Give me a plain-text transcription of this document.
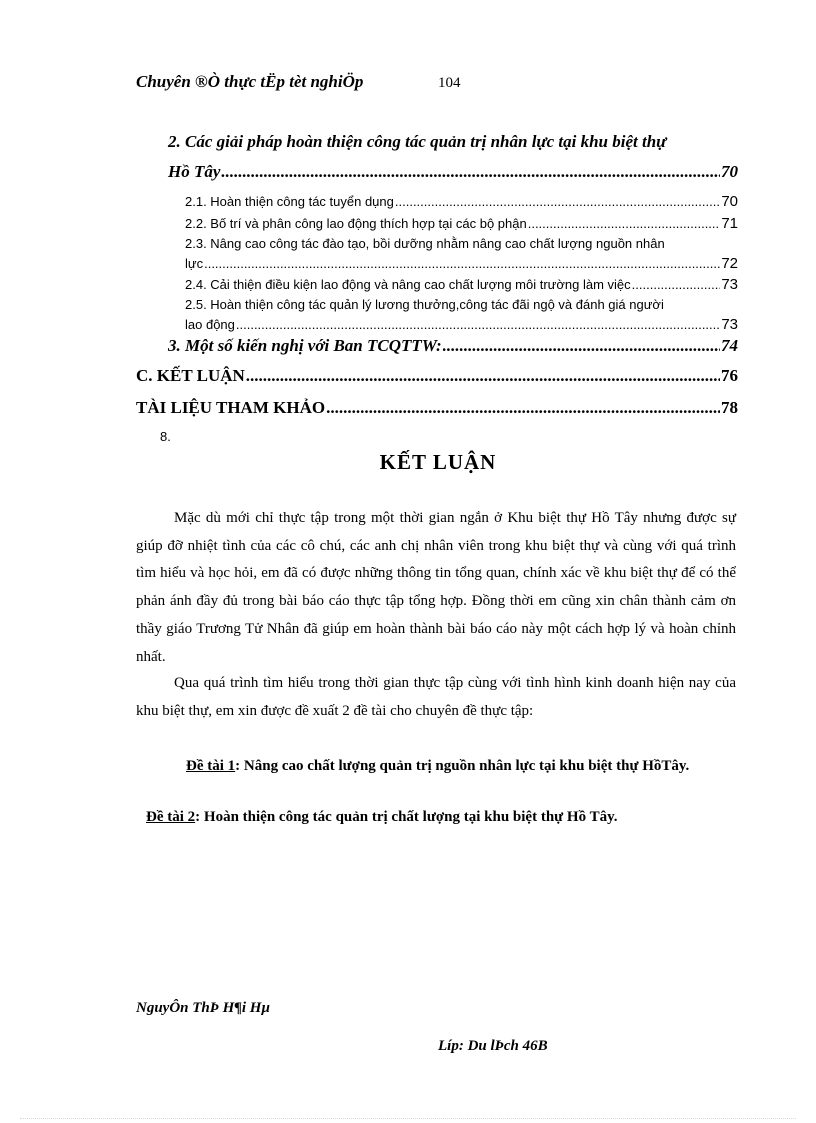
Chuyên ®Ò thực tËp tèt nghiÖp	104
2. Các giải pháp hoàn thiện công tác quản trị nhân lực tại khu biệt thự
Hồ Tây .....	70
2.1. Hoàn thiện công tác tuyển dụng .....	70
2.2. Bố trí và phân công lao động thích hợp tại các bộ phận .....	71
2.3. Nâng cao công tác đào tạo, bồi dưỡng nhằm nâng cao chất lượng nguồn nhân
lực .....	72
2.4. Cải thiện điều kiện lao động và nâng cao chất lượng môi trường làm việc .....	73
2.5. Hoàn thiện công tác quản lý lương thưởng,công tác đãi ngộ và đánh giá người
lao động .....	73
3. Một số kiến nghị với Ban TCQTTW: .....	74
C. KẾT LUẬN .....	76
TÀI LIỆU THAM KHẢO .....	78
8.
KẾT LUẬN
Mặc dù mới chỉ thực tập trong một thời gian ngắn ở Khu biệt thự Hồ Tây nhưng được sự giúp đỡ nhiệt tình của các cô chú, các anh chị nhân viên trong khu biệt thự và cùng với quá trình tìm hiểu và học hỏi, em đã có được những thông tin tổng quan, chính xác về khu biệt thự để có thể phản ánh đầy đủ trong bài báo cáo thực tập tổng hợp. Đồng thời em cũng xin chân thành cảm ơn thầy giáo Trương Tử Nhân đã giúp em hoàn thành bài báo cáo này một cách hợp lý và hoàn chỉnh nhất.
Qua quá trình tìm hiểu trong thời gian thực tập cùng với tình hình kinh doanh hiện nay của khu biệt thự, em xin được đề xuất 2 đề tài cho chuyên đề thực tập:
Đề tài 1: Nâng cao chất lượng quản trị nguồn nhân lực tại khu biệt thự HồTây.
Đề tài 2: Hoàn thiện công tác quản trị chất lượng tại khu biệt thự Hồ Tây.
NguyÔn ThÞ H¶i Hµ
Líp: Du lÞch 46B
